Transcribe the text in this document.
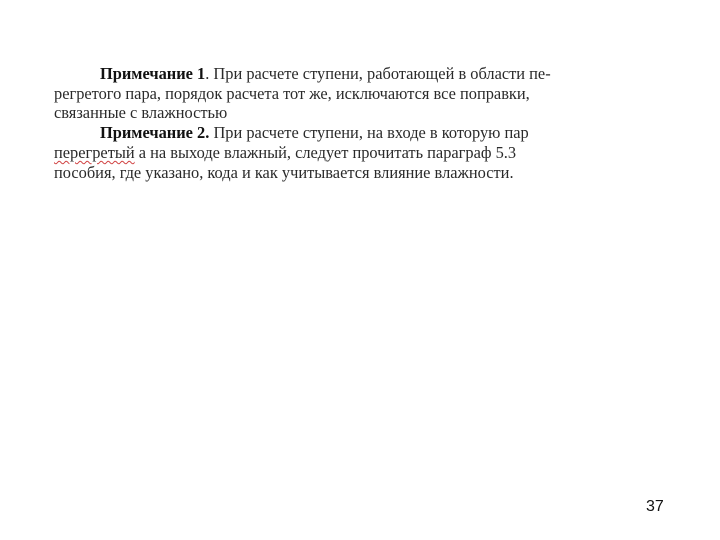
Примечание 1. При расчете ступени, работающей в области пе-
регретого пара, порядок расчета тот же, исключаются все поправки,
связанные с влажностью
Примечание 2. При расчете ступени, на входе в которую пар
перегретый а на выходе влажный, следует прочитать параграф 5.3
пособия, где указано, кода и как учитывается влияние влажности.
37
